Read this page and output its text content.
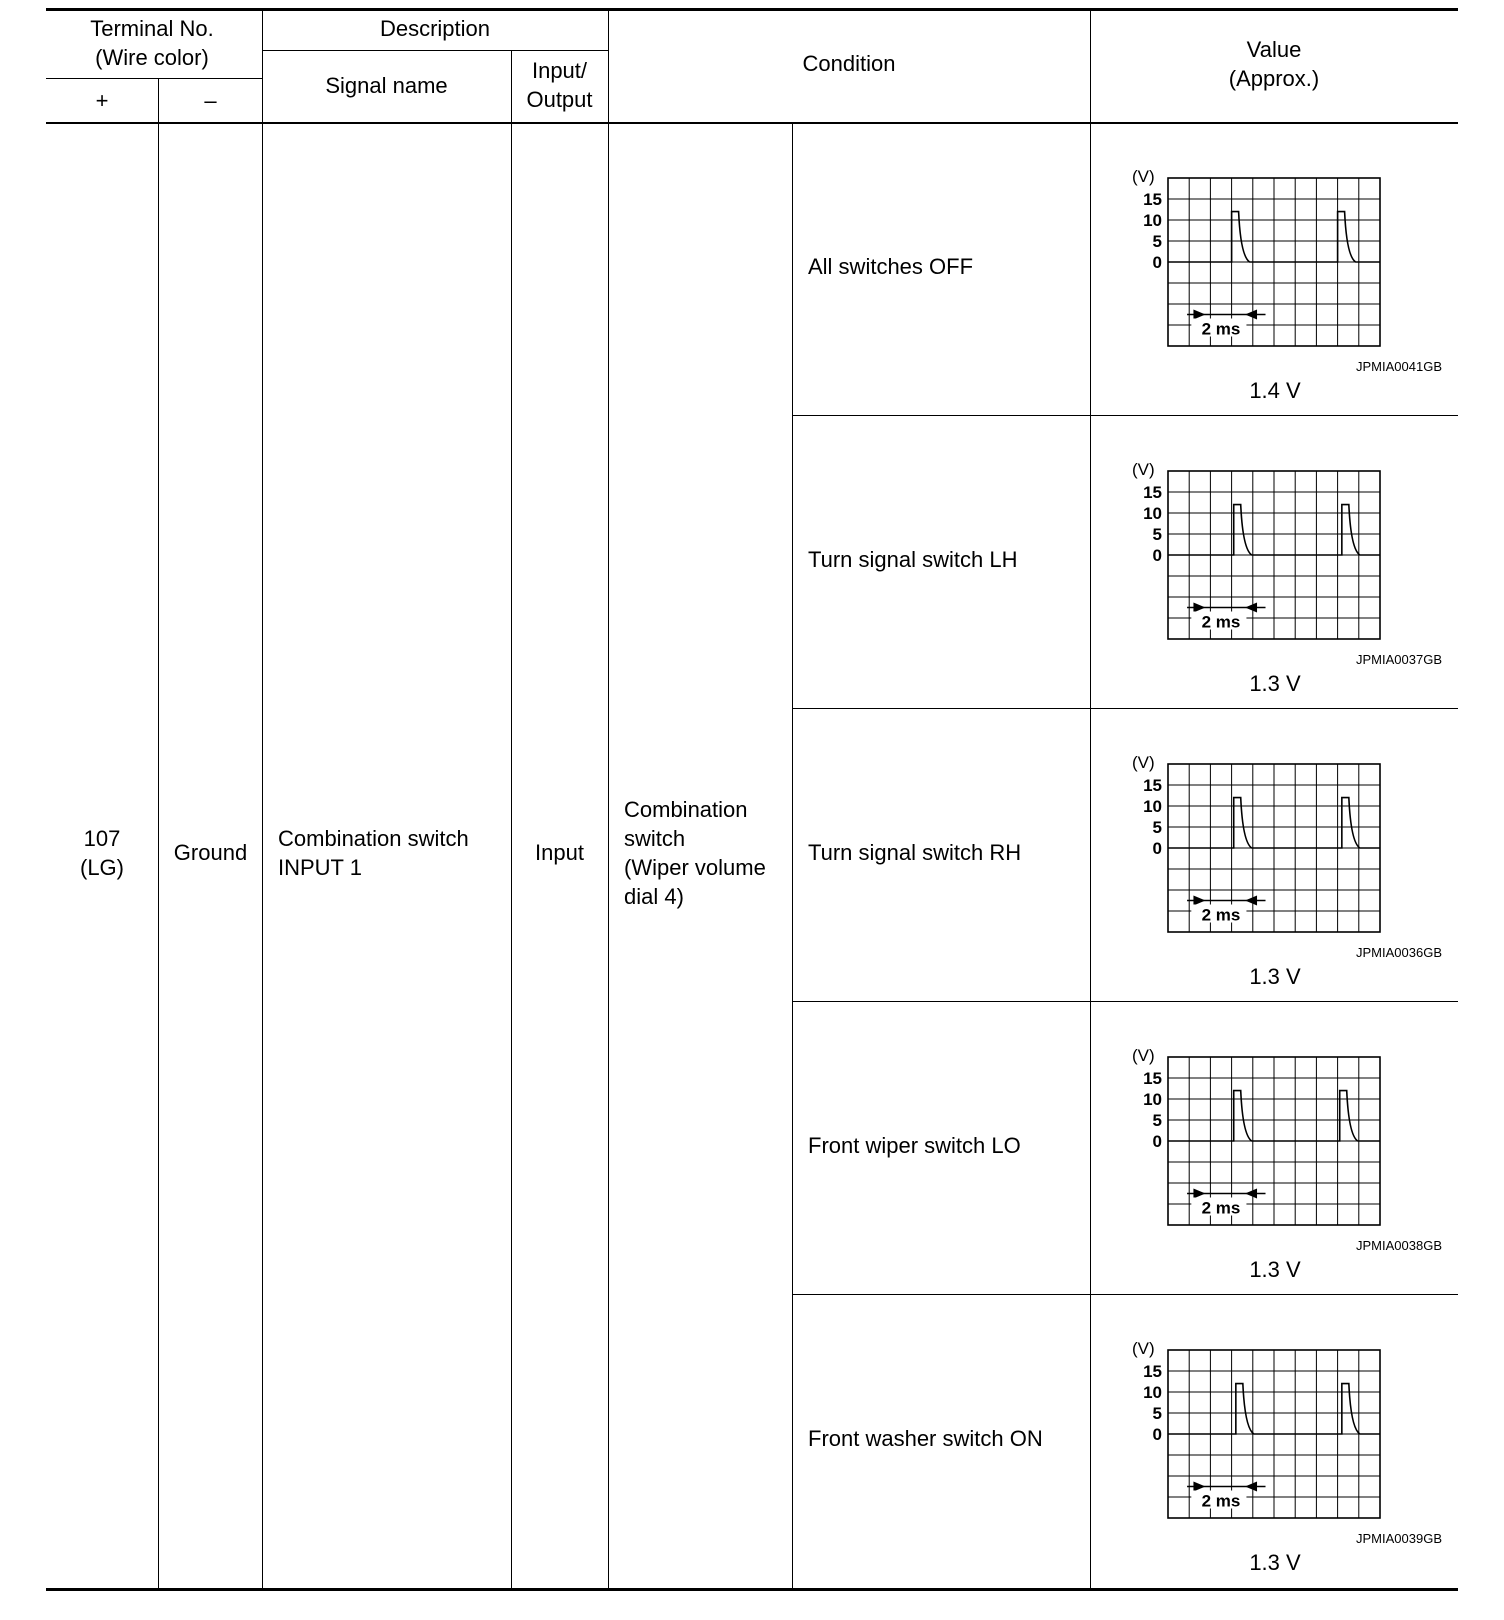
Terminal No.
(Wire color)
+	–
Description
Signal name
Input/
Output
Condition
Value
(Approx.)
107
(LG)
Ground
Combination switch
INPUT 1
Input
Combination
switch
(Wiper volume
dial 4)
All switches OFF
Turn signal switch LH
Turn signal switch RH
Front wiper switch LO
Front washer switch ON
(V)
15
10
5
0
2 ms
(V)
15
10
5
0
2 ms
(V)
15
10
5
0
2 ms
(V)
15
10
5
0
2 ms
(V)
15
10
5
0
2 ms
JPMIA0041GB
JPMIA0037GB
JPMIA0036GB
JPMIA0038GB
JPMIA0039GB
1.4 V
1.3 V
1.3 V
1.3 V
1.3 V
